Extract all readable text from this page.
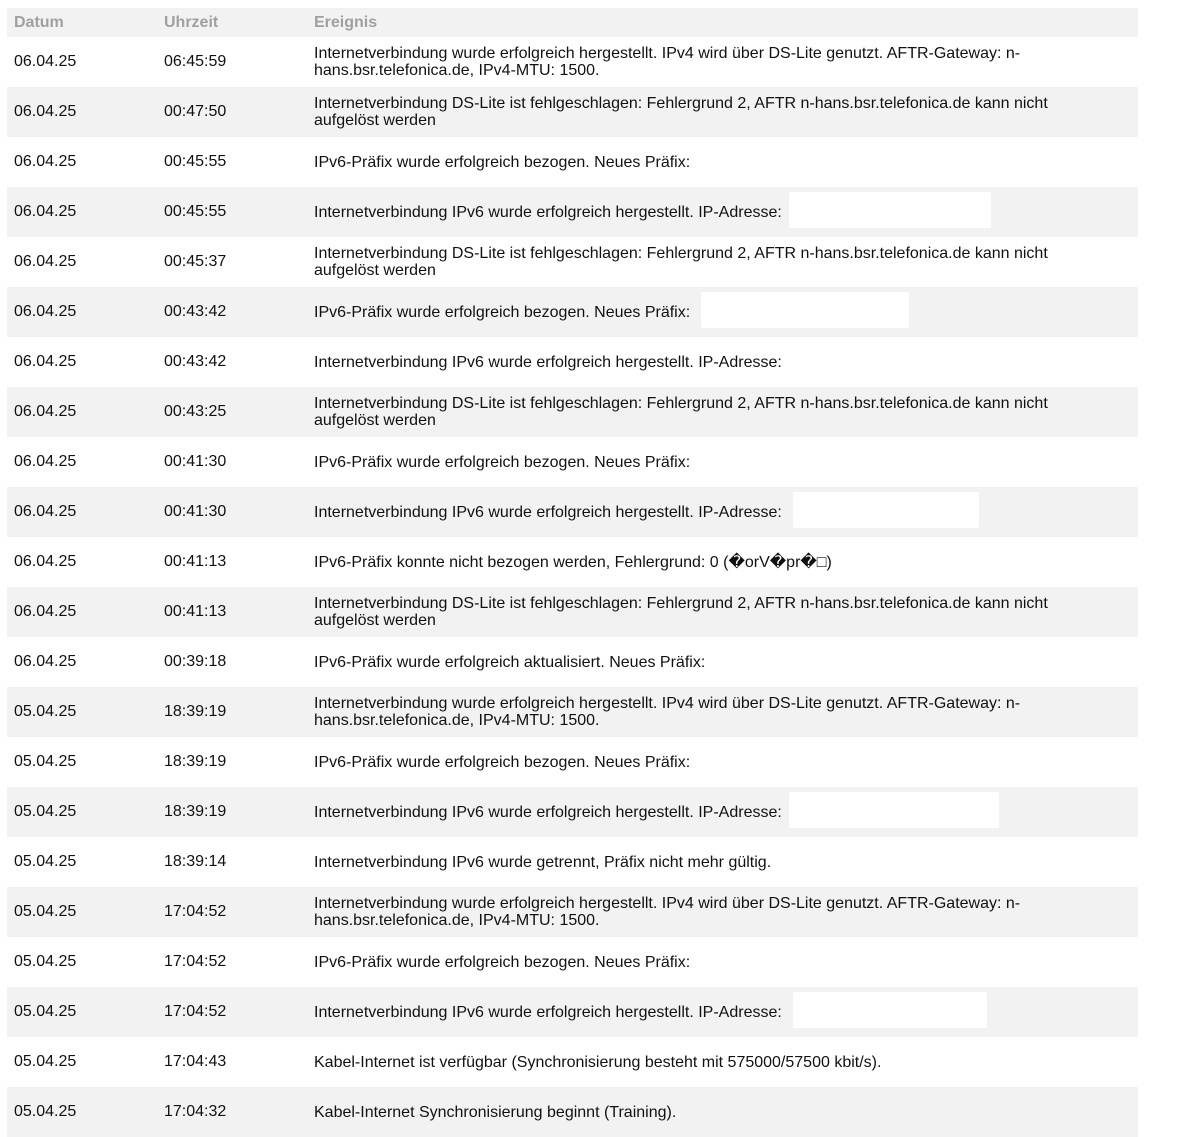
Datum	Uhrzeit	Ereignis
06.04.25	06:45:59	Internetverbindung wurde erfolgreich hergestellt. IPv4 wird über DS-Lite genutzt. AFTR-Gateway: n-hans.bsr.telefonica.de, IPv4-MTU: 1500.
06.04.25	00:47:50	Internetverbindung DS-Lite ist fehlgeschlagen: Fehlergrund 2, AFTR n-hans.bsr.telefonica.de kann nicht aufgelöst werden
06.04.25	00:45:55	IPv6-Präfix wurde erfolgreich bezogen. Neues Präfix:
06.04.25	00:45:55	Internetverbindung IPv6 wurde erfolgreich hergestellt. IP-Adresse:
06.04.25	00:45:37	Internetverbindung DS-Lite ist fehlgeschlagen: Fehlergrund 2, AFTR n-hans.bsr.telefonica.de kann nicht aufgelöst werden
06.04.25	00:43:42	IPv6-Präfix wurde erfolgreich bezogen. Neues Präfix:
06.04.25	00:43:42	Internetverbindung IPv6 wurde erfolgreich hergestellt. IP-Adresse:
06.04.25	00:43:25	Internetverbindung DS-Lite ist fehlgeschlagen: Fehlergrund 2, AFTR n-hans.bsr.telefonica.de kann nicht aufgelöst werden
06.04.25	00:41:30	IPv6-Präfix wurde erfolgreich bezogen. Neues Präfix:
06.04.25	00:41:30	Internetverbindung IPv6 wurde erfolgreich hergestellt. IP-Adresse:
06.04.25	00:41:13	IPv6-Präfix konnte nicht bezogen werden, Fehlergrund: 0 (�orV�pr�□)
06.04.25	00:41:13	Internetverbindung DS-Lite ist fehlgeschlagen: Fehlergrund 2, AFTR n-hans.bsr.telefonica.de kann nicht aufgelöst werden
06.04.25	00:39:18	IPv6-Präfix wurde erfolgreich aktualisiert. Neues Präfix:
05.04.25	18:39:19	Internetverbindung wurde erfolgreich hergestellt. IPv4 wird über DS-Lite genutzt. AFTR-Gateway: n-hans.bsr.telefonica.de, IPv4-MTU: 1500.
05.04.25	18:39:19	IPv6-Präfix wurde erfolgreich bezogen. Neues Präfix:
05.04.25	18:39:19	Internetverbindung IPv6 wurde erfolgreich hergestellt. IP-Adresse:
05.04.25	18:39:14	Internetverbindung IPv6 wurde getrennt, Präfix nicht mehr gültig.
05.04.25	17:04:52	Internetverbindung wurde erfolgreich hergestellt. IPv4 wird über DS-Lite genutzt. AFTR-Gateway: n-hans.bsr.telefonica.de, IPv4-MTU: 1500.
05.04.25	17:04:52	IPv6-Präfix wurde erfolgreich bezogen. Neues Präfix:
05.04.25	17:04:52	Internetverbindung IPv6 wurde erfolgreich hergestellt. IP-Adresse:
05.04.25	17:04:43	Kabel-Internet ist verfügbar (Synchronisierung besteht mit 575000/57500 kbit/s).
05.04.25	17:04:32	Kabel-Internet Synchronisierung beginnt (Training).
